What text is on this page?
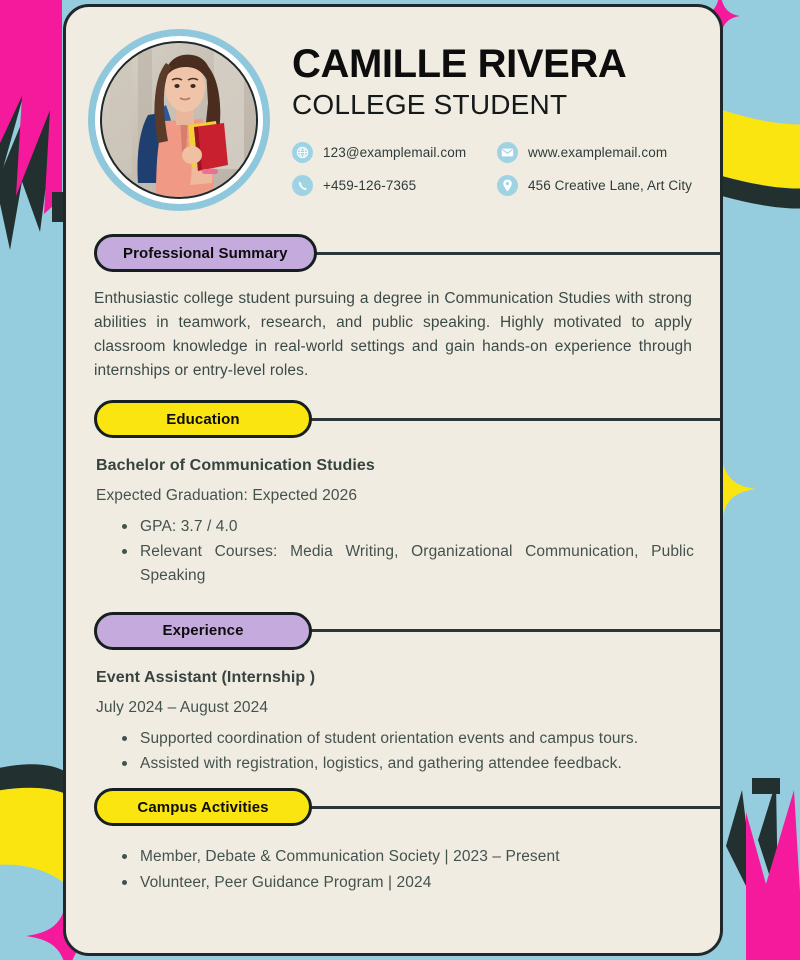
CAMILLE RIVERA
COLLEGE STUDENT
123@examplemail.com	www.examplemail.com
+459-126-7365	456 Creative Lane, Art City
Professional Summary

Enthusiastic college student pursuing a degree in Communication Studies with strong abilities in teamwork, research, and public speaking. Highly motivated to apply classroom knowledge in real-world settings and gain hands-on experience through internships or entry-level roles.

Education
Bachelor of Communication Studies
Expected Graduation: Expected 2026
GPA: 3.7 / 4.0
Relevant Courses: Media Writing, Organizational Communication, Public Speaking
Experience
Event Assistant (Internship )
July 2024 – August 2024
Supported coordination of student orientation events and campus tours.
Assisted with registration, logistics, and gathering attendee feedback.
Campus Activities
Member, Debate & Communication Society | 2023 – Present
Volunteer, Peer Guidance Program | 2024
